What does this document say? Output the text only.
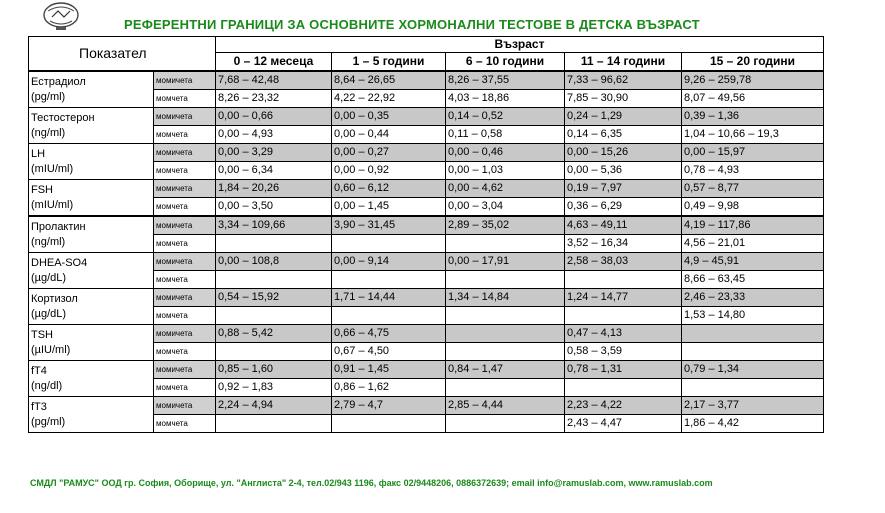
РЕФЕРЕНТНИ ГРАНИЦИ ЗА ОСНОВНИТЕ ХОРМОНАЛНИ ТЕСТОВЕ В ДЕТСКА ВЪЗРАСТ
Показател		Възраст				
		0 – 12 месеца	1 – 5 години	6 – 10 години	11 – 14 години	15 – 20 години

Естрадиол
(pg/ml)	момичета	7,68 – 42,48	8,64 – 26,65	8,26 – 37,55	7,33 – 96,62	9,26 – 259,78
	момчета	8,26 – 23,32	4,22 – 22,92	4,03 – 18,86	7,85 – 30,90	8,07 – 49,56

Тестостерон
(ng/ml)	момичета	0,00 – 0,66	0,00 – 0,35	0,14 – 0,52	0,24 – 1,29	0,39 – 1,36
	момчета	0,00 – 4,93	0,00 – 0,44	0,11 – 0,58	0,14 – 6,35	1,04 – 10,66 – 19,3

LH
(mIU/ml)	момичета	0,00 – 3,29	0,00 – 0,27	0,00 – 0,46	0,00 – 15,26	0,00 – 15,97
	момчета	0,00 – 6,34	0,00 – 0,92	0,00 – 1,03	0,00 – 5,36	0,78 – 4,93

FSH
(mIU/ml)	момичета	1,84 – 20,26	0,60 – 6,12	0,00 – 4,62	0,19 – 7,97	0,57 – 8,77
	момчета	0,00 – 3,50	0,00 – 1,45	0,00 – 3,04	0,36 – 6,29	0,49 – 9,98

Пролактин
(ng/ml)	момичета	3,34 – 109,66	3,90 – 31,45	2,89 – 35,02	4,63 – 49,11	4,19 – 117,86
	момчета				3,52 – 16,34	4,56 – 21,01

DHEA-SO4
(µg/dL)	момичета	0,00 – 108,8	0,00 – 9,14	0,00 – 17,91	2,58 – 38,03	4,9 – 45,91
	момчета					8,66 – 63,45

Кортизол
(µg/dL)	момичета	0,54 – 15,92	1,71 – 14,44	1,34 – 14,84	1,24 – 14,77	2,46 – 23,33
	момчета					1,53 – 14,80

TSH
(µIU/ml)	момичета	0,88 – 5,42	0,66 – 4,75		0,47 – 4,13	
	момчета		0,67 – 4,50		0,58 – 3,59	

fT4
(ng/dl)	момичета	0,85 – 1,60	0,91 – 1,45	0,84 – 1,47	0,78 – 1,31	0,79 – 1,34
	момчета	0,92 – 1,83	0,86 – 1,62			

fT3
(pg/ml)	момичета	2,24 – 4,94	2,79 – 4,7	2,85 – 4,44	2,23 – 4,22	2,17 – 3,77
	момчета				2,43 – 4,47	1,86 – 4,42
СМДЛ "РАМУС" ООД гр. София, Оборище, ул. "Англиста" 2-4, тел.02/943 1196, факс 02/9448206, 0886372639; email info@ramuslab.com, www.ramuslab.com
